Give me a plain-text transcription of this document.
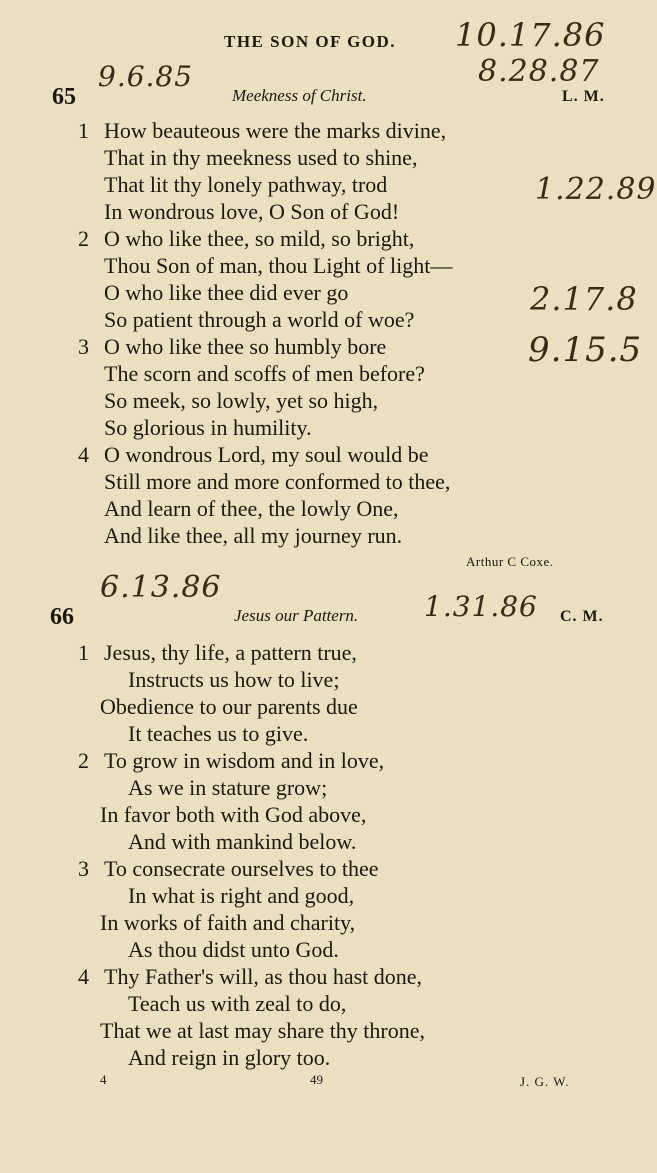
THE SON OF GOD. 10.17.86
8.28.87
65
9.6.85
Meekness of Christ.	L. M.
1 How beauteous were the marks divine,
That in thy meekness used to shine,
That lit thy lonely pathway, trod
In wondrous love, O Son of God!
1.22.89
2 O who like thee, so mild, so bright,
Thou Son of man, thou Light of light—
O who like thee did ever go
So patient through a world of woe?
2.17.8
3 O who like thee so humbly bore
The scorn and scoffs of men before?
So meek, so lowly, yet so high,
So glorious in humility.
9.15.5
4 O wondrous Lord, my soul would be
Still more and more conformed to thee,
And learn of thee, the lowly One,
And like thee, all my journey run.
Arthur C Coxe.
6.13.86
66	Jesus our Pattern. 1.31.86 C. M.
1 Jesus, thy life, a pattern true,
Instructs us how to live;
Obedience to our parents due
It teaches us to give.
2 To grow in wisdom and in love,
As we in stature grow;
In favor both with God above,
And with mankind below.
3 To consecrate ourselves to thee
In what is right and good,
In works of faith and charity,
As thou didst unto God.
4 Thy Father's will, as thou hast done,
Teach us with zeal to do,
That we at last may share thy throne,
And reign in glory too.
4	49	J. G. W.
